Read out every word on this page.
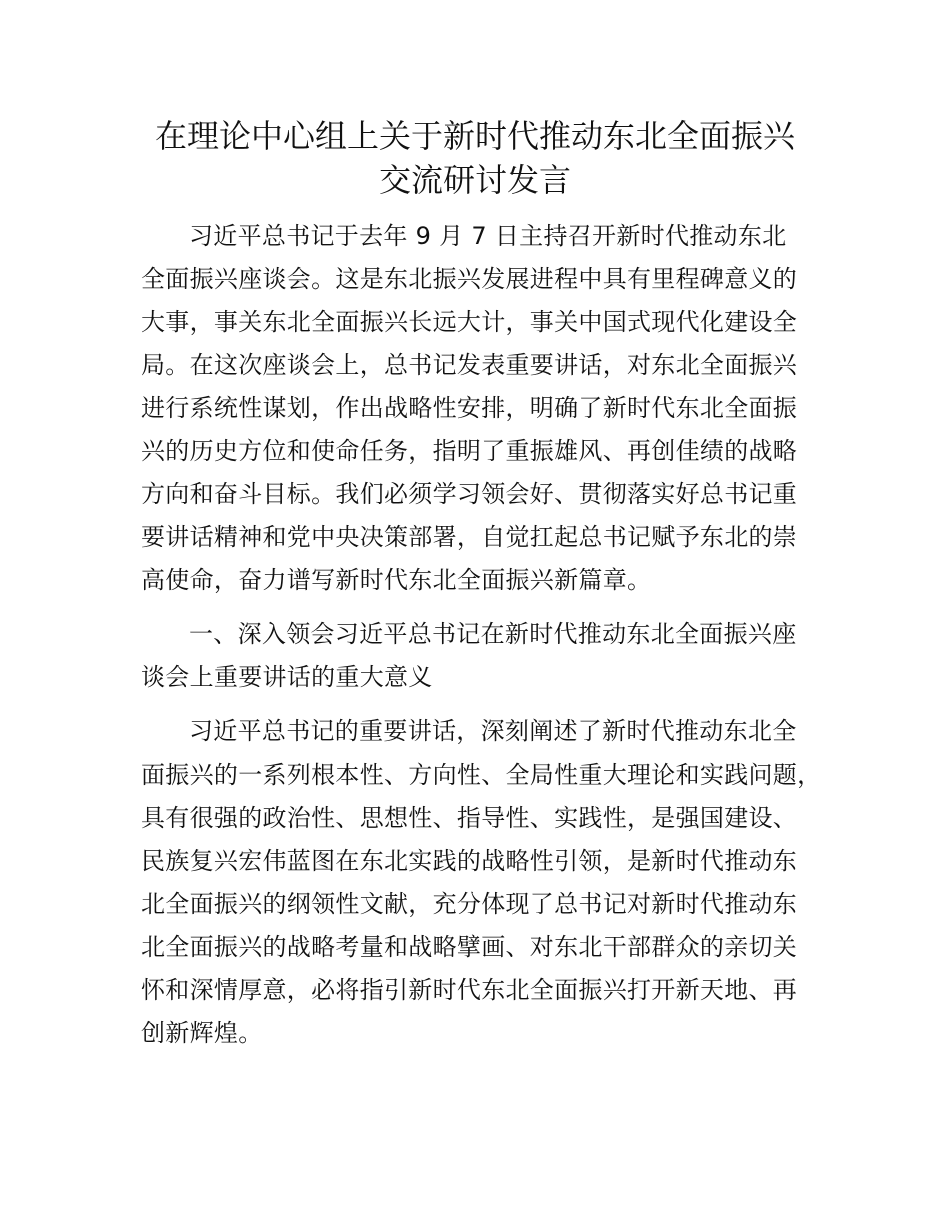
在理论中心组上关于新时代推动东北全面振兴
交流研讨发言
习近平总书记于去年 9 月 7 日主持召开新时代推动东北
全面振兴座谈会。这是东北振兴发展进程中具有里程碑意义的
大事，事关东北全面振兴长远大计，事关中国式现代化建设全
局。在这次座谈会上，总书记发表重要讲话，对东北全面振兴
进行系统性谋划，作出战略性安排，明确了新时代东北全面振
兴的历史方位和使命任务，指明了重振雄风、再创佳绩的战略
方向和奋斗目标。我们必须学习领会好、贯彻落实好总书记重
要讲话精神和党中央决策部署，自觉扛起总书记赋予东北的崇
高使命，奋力谱写新时代东北全面振兴新篇章。
一、深入领会习近平总书记在新时代推动东北全面振兴座
谈会上重要讲话的重大意义
习近平总书记的重要讲话，深刻阐述了新时代推动东北全
面振兴的一系列根本性、方向性、全局性重大理论和实践问题，
具有很强的政治性、思想性、指导性、实践性，是强国建设、
民族复兴宏伟蓝图在东北实践的战略性引领，是新时代推动东
北全面振兴的纲领性文献，充分体现了总书记对新时代推动东
北全面振兴的战略考量和战略擘画、对东北干部群众的亲切关
怀和深情厚意，必将指引新时代东北全面振兴打开新天地、再
创新辉煌。
